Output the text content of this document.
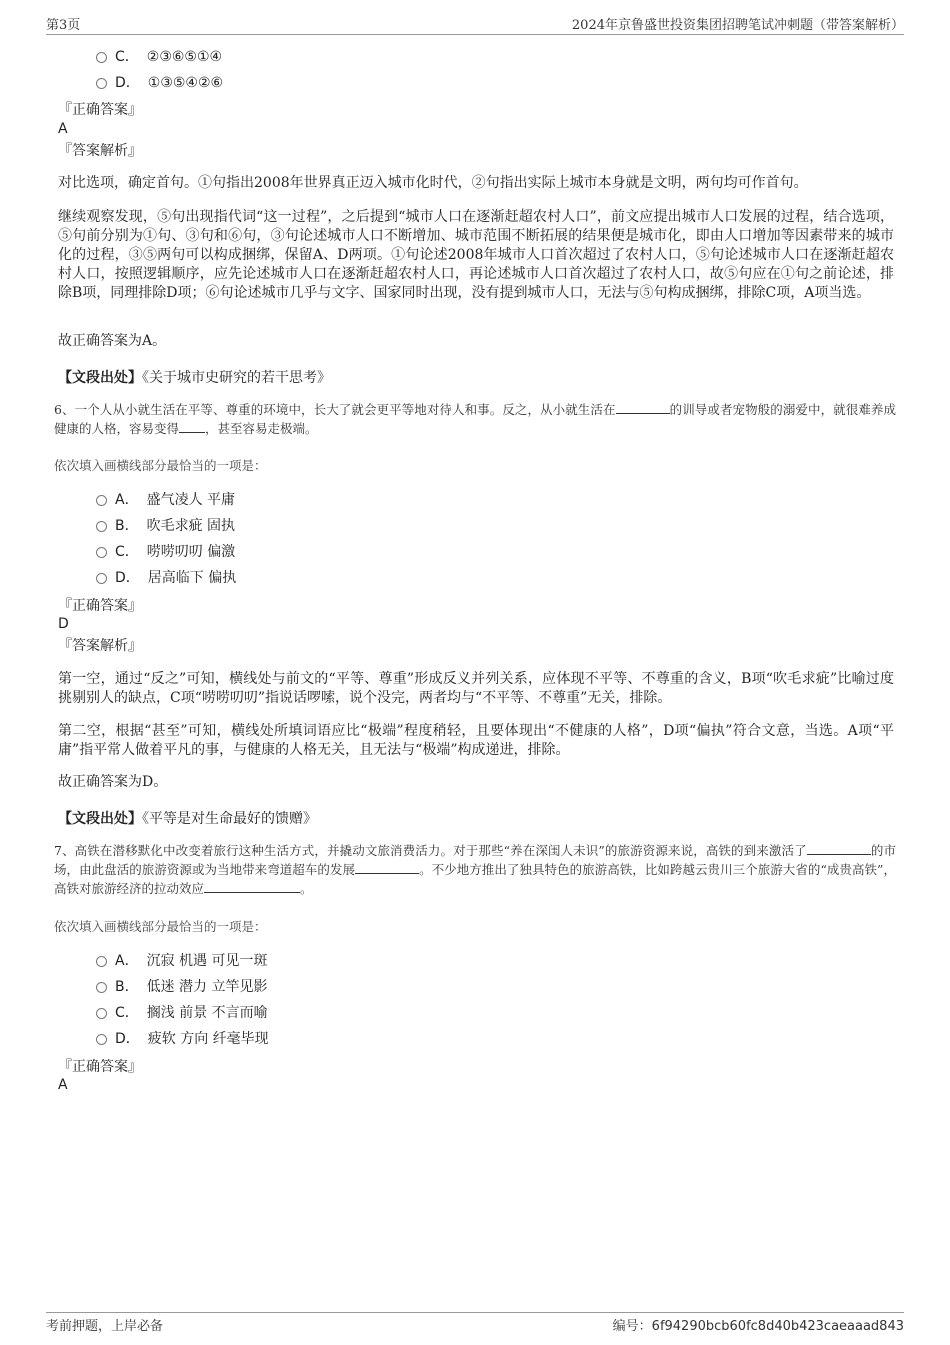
第3页	2024年京鲁盛世投资集团招聘笔试冲刺题（带答案解析）
C． ②③⑥⑤①④
D． ①③⑤④②⑥
『正确答案』
A
『答案解析』
对比选项，确定首句。①句指出2008年世界真正迈入城市化时代，②句指出实际上城市本身就是文明，两句均可作首句。
继续观察发现，⑤句出现指代词“这一过程”，之后提到“城市人口在逐渐赶超农村人口”，前文应提出城市人口发展的过程，结合选项，⑤句前分别为①句、③句和⑥句，③句论述城市人口不断增加、城市范围不断拓展的结果便是城市化，即由人口增加等因素带来的城市化的过程，③⑤两句可以构成捆绑，保留A、D两项。①句论述2008年城市人口首次超过了农村人口，⑤句论述城市人口在逐渐赶超农村人口，按照逻辑顺序，应先论述城市人口在逐渐赶超农村人口，再论述城市人口首次超过了农村人口，故⑤句应在①句之前论述，排除B项，同理排除D项；⑥句论述城市几乎与文字、国家同时出现，没有提到城市人口，无法与⑤句构成捆绑，排除C项，A项当选。
故正确答案为A。
【文段出处】《关于城市史研究的若干思考》
6、一个人从小就生活在平等、尊重的环境中，长大了就会更平等地对待人和事。反之，从小就生活在	的训导或者宠物般的溺爱中，就很难养成健康的人格，容易变得 ，甚至容易走极端。
依次填入画横线部分最恰当的一项是：
A． 盛气凌人 平庸
B． 吹毛求疵 固执
C． 唠唠叨叨 偏激
D． 居高临下 偏执
『正确答案』
D
『答案解析』
第一空，通过“反之”可知，横线处与前文的“平等、尊重”形成反义并列关系，应体现不平等、不尊重的含义，B项“吹毛求疵”比喻过度挑剔别人的缺点，C项“唠唠叨叨”指说话啰嗦，说个没完，两者均与“不平等、不尊重”无关，排除。
第二空，根据“甚至”可知，横线处所填词语应比“极端”程度稍轻，且要体现出“不健康的人格”，D项“偏执”符合文意，当选。A项“平庸”指平常人做着平凡的事，与健康的人格无关，且无法与“极端”构成递进，排除。
故正确答案为D。
【文段出处】《平等是对生命最好的馈赠》
7、高铁在潜移默化中改变着旅行这种生活方式，并撬动文旅消费活力。对于那些“养在深闺人未识”的旅游资源来说，高铁的到来激活了	的市场，由此盘活的旅游资源或为当地带来弯道超车的发展	。不少地方推出了独具特色的旅游高铁，比如跨越云贵川三个旅游大省的“成贵高铁”，高铁对旅游经济的拉动效应	。
依次填入画横线部分最恰当的一项是：
A． 沉寂 机遇 可见一斑
B． 低迷 潜力 立竿见影
C． 搁浅 前景 不言而喻
D． 疲软 方向 纤毫毕现
『正确答案』
A
考前押题，上岸必备	编号：6f94290bcb60fc8d40b423caeaaad843
